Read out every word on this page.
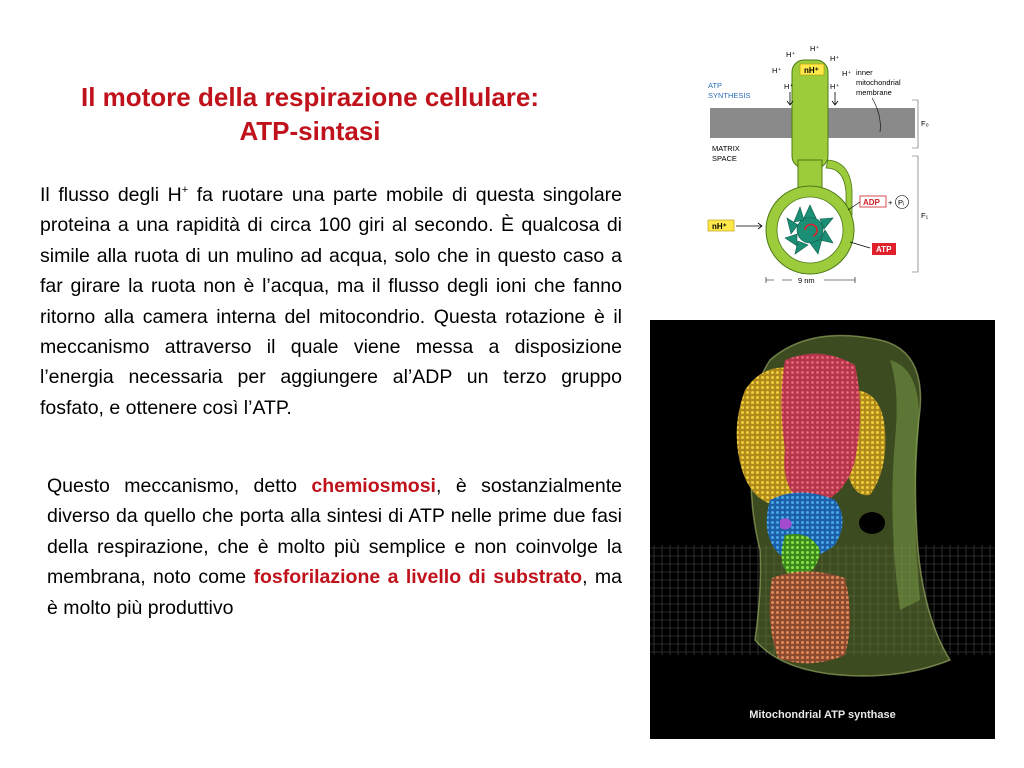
Il motore della respirazione cellulare:
ATP-sintasi
Il flusso degli H+ fa ruotare una parte mobile di questa singolare proteina a una rapidità di circa 100 giri al secondo. È qualcosa di simile alla ruota di un mulino ad acqua, solo che in questo caso a far girare la ruota non è l’acqua, ma il flusso degli ioni che fanno ritorno alla camera interna del mitocondrio. Questa rotazione è il meccanismo attraverso il quale viene messa a disposizione l’energia necessaria per aggiungere al’ADP un terzo gruppo fosfato, e ottenere così l’ATP.
Questo meccanismo, detto chemiosmosi, è sostanzialmente diverso da quello che porta alla sintesi di ATP nelle prime due fasi della respirazione, che è molto più semplice e non coinvolge la membrana, noto come fosforilazione a livello di substrato, ma è molto più produttivo
H⁺
H⁺
H⁺
H⁺	H⁺
H⁺	H⁺
nH⁺
ATP
SYNTHESIS
inner
mitochondrial
membrane
MATRIX
SPACE
F₀
F₁
ADP + Pᵢ
nH⁺
ATP
9 nm
Mitochondrial ATP synthase
